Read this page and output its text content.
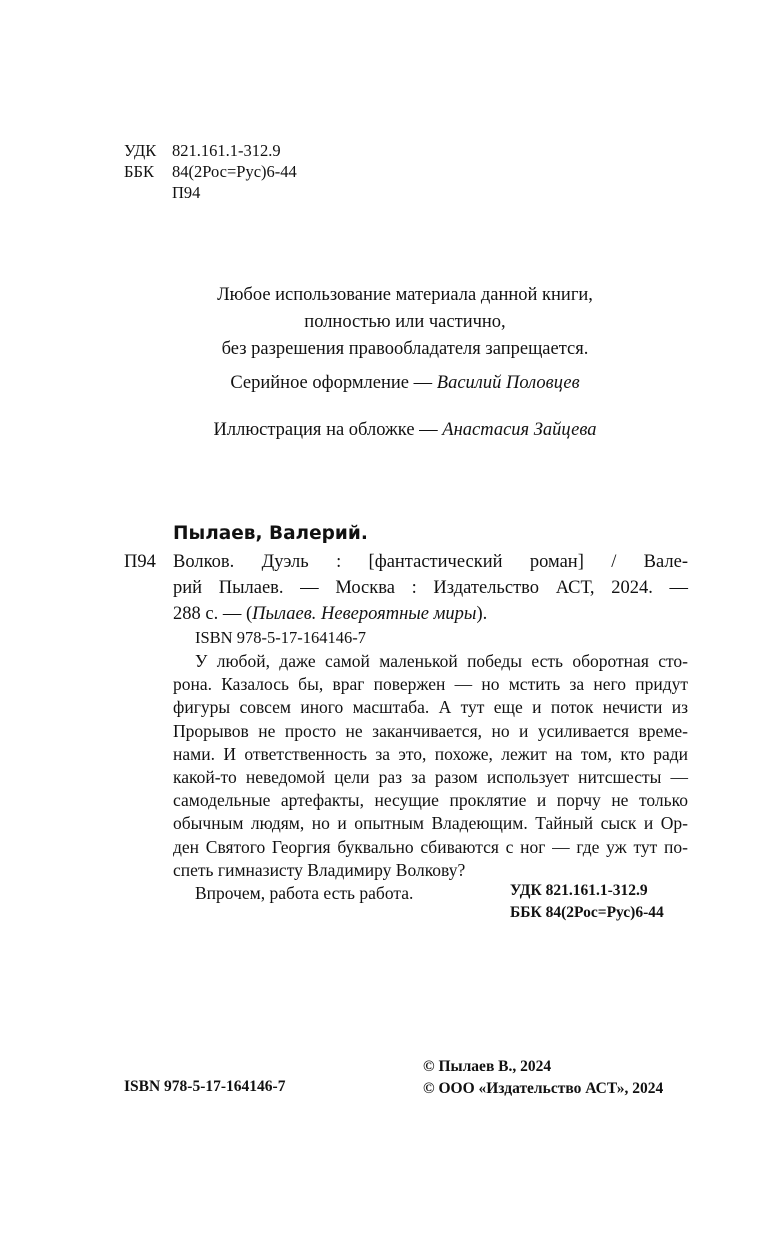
УДК 821.161.1-312.9
ББК 84(2Рос=Рус)6-44
П94
Любое использование материала данной книги,
полностью или частично,
без разрешения правообладателя запрещается.
Серийное оформление — Василий Половцев
Иллюстрация на обложке — Анастасия Зайцева
Пылаев, Валерий.
П94 Волков. Дуэль : [фантастический роман] / Вале-
рий Пылаев. — Москва : Издательство АСТ, 2024. —
288 с. — (Пылаев. Невероятные миры).
ISBN 978-5-17-164146-7
У любой, даже самой маленькой победы есть оборотная сто-
рона. Казалось бы, враг повержен — но мстить за него придут
фигуры совсем иного масштаба. А тут еще и поток нечисти из
Прорывов не просто не заканчивается, но и усиливается време-
нами. И ответственность за это, похоже, лежит на том, кто ради
какой-то неведомой цели раз за разом использует нитсшесты —
самодельные артефакты, несущие проклятие и порчу не только
обычным людям, но и опытным Владеющим. Тайный сыск и Ор-
ден Святого Георгия буквально сбиваются с ног — где уж тут по-
спеть гимназисту Владимиру Волкову?
Впрочем, работа есть работа.	УДК 821.161.1-312.9
ББК 84(2Рос=Рус)6-44
ISBN 978-5-17-164146-7
© Пылаев В., 2024
© ООО «Издательство АСТ», 2024
